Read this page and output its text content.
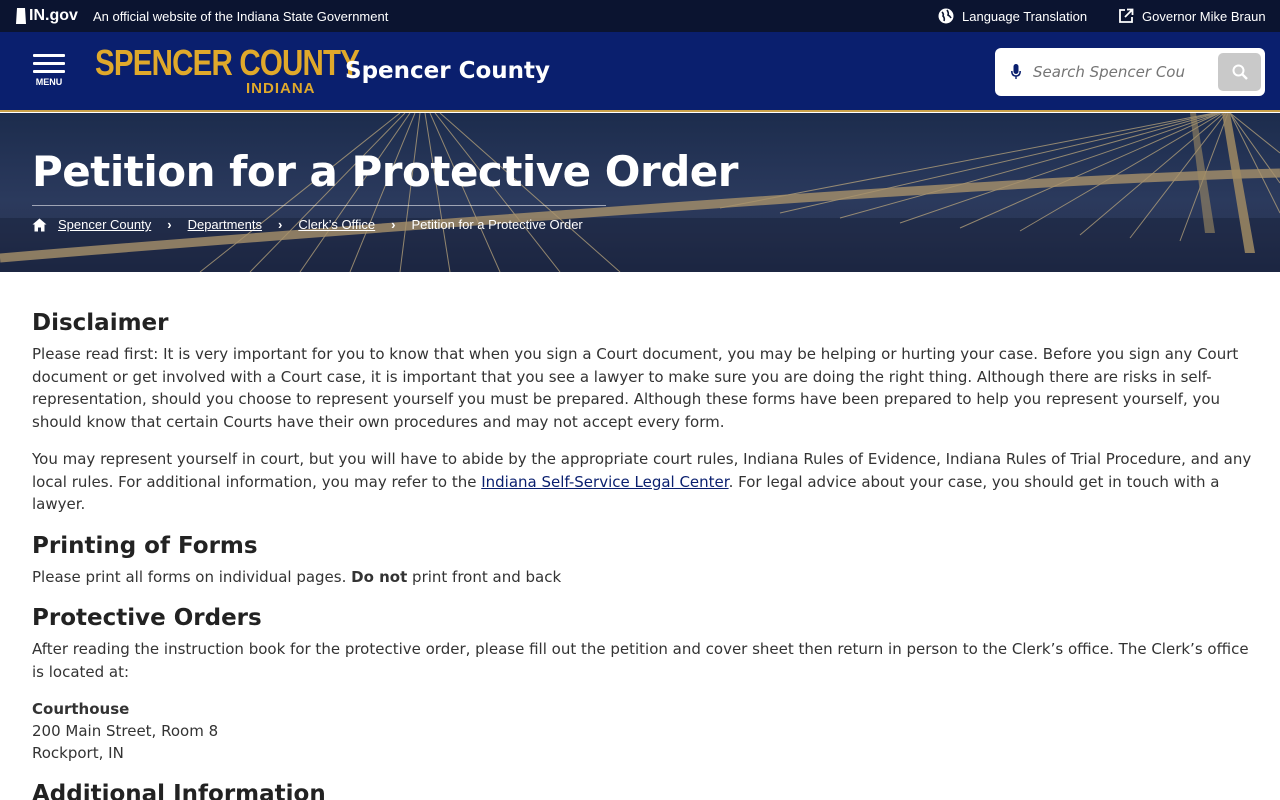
IN.gov An official website of the Indiana State Government	Language Translation	Governor Mike Braun
MENU SPENCER COUNTY
INDIANA
Spencer County
Search Spencer County
Petition for a Protective Order
Spencer County › Departments › Clerk’s Office › Petition for a Protective Order
Disclaimer

Please read first: It is very important for you to know that when you sign a Court document, you may be helping or hurting your case. Before you sign any Court document or get involved with a Court case, it is important that you see a lawyer to make sure you are doing the right thing. Although there are risks in self-representation, should you choose to represent yourself you must be prepared. Although these forms have been prepared to help you represent yourself, you should know that certain Courts have their own procedures and may not accept every form.

You may represent yourself in court, but you will have to abide by the appropriate court rules, Indiana Rules of Evidence, Indiana Rules of Trial Procedure, and any local rules. For additional information, you may refer to the Indiana Self-Service Legal Center. For legal advice about your case, you should get in touch with a lawyer.

Printing of Forms

Please print all forms on individual pages. Do not print front and back

Protective Orders

After reading the instruction book for the protective order, please fill out the petition and cover sheet then return in person to the Clerk’s office. The Clerk’s office is located at:

Courthouse
200 Main Street, Room 8
Rockport, IN
Additional Information
